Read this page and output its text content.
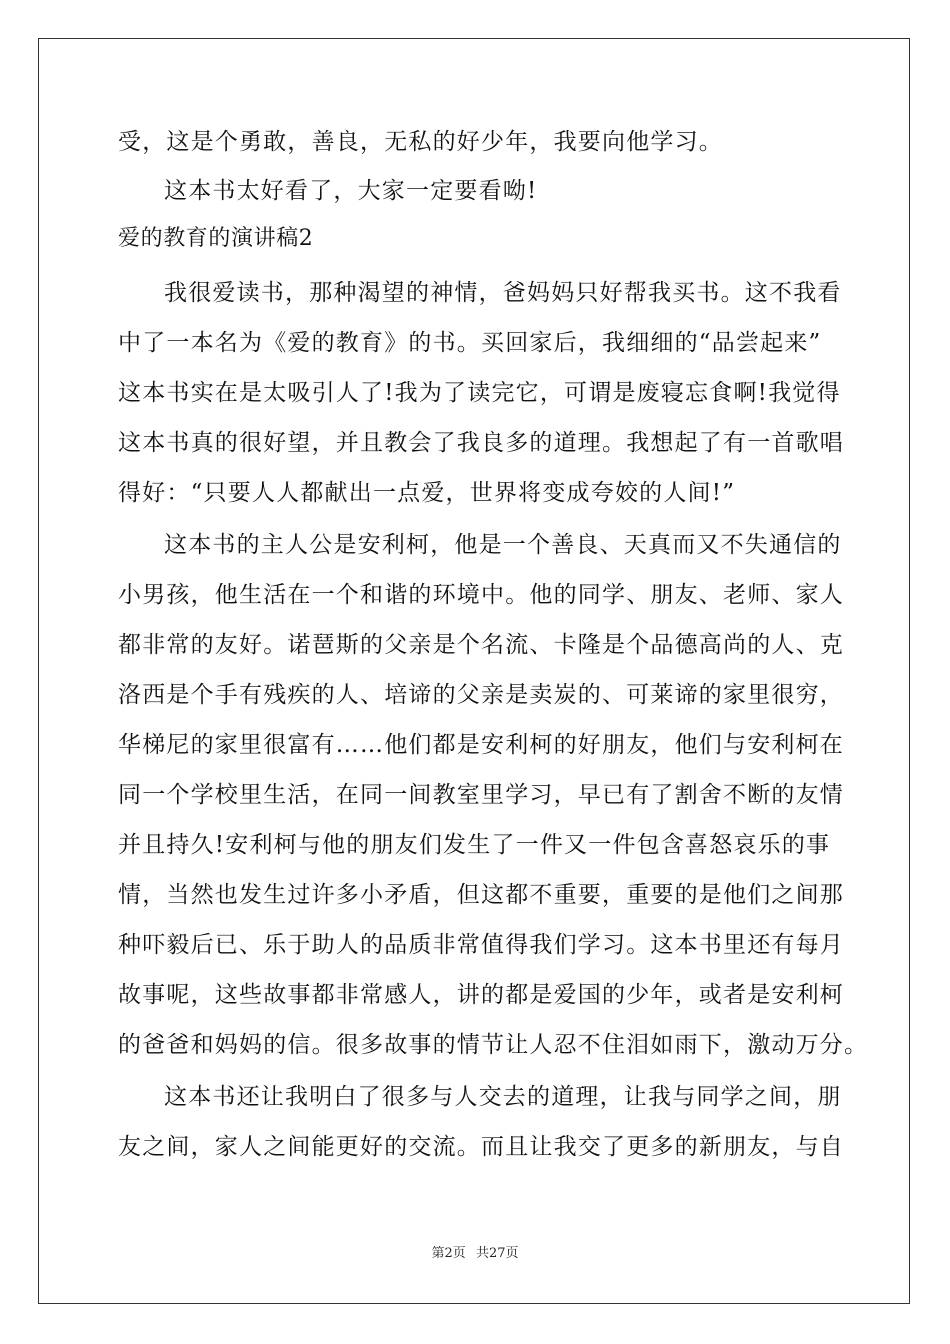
受，这是个勇敢，善良，无私的好少年，我要向他学习。
这本书太好看了，大家一定要看呦!
爱的教育的演讲稿2
我很爱读书，那种渴望的神情，爸妈妈只好帮我买书。这不我看
中了一本名为《爱的教育》的书。买回家后，我细细的“品尝起来”
这本书实在是太吸引人了!我为了读完它，可谓是废寝忘食啊!我觉得
这本书真的很好望，并且教会了我良多的道理。我想起了有一首歌唱
得好：“只要人人都献出一点爱，世界将变成夸姣的人间!”
这本书的主人公是安利柯，他是一个善良、天真而又不失通信的
小男孩，他生活在一个和谐的环境中。他的同学、朋友、老师、家人
都非常的友好。诺琶斯的父亲是个名流、卡隆是个品德高尚的人、克
洛西是个手有残疾的人、培谛的父亲是卖炭的、可莱谛的家里很穷，
华梯尼的家里很富有……他们都是安利柯的好朋友，他们与安利柯在
同一个学校里生活，在同一间教室里学习，早已有了割舍不断的友情
并且持久!安利柯与他的朋友们发生了一件又一件包含喜怒哀乐的事
情，当然也发生过许多小矛盾，但这都不重要，重要的是他们之间那
种吓毅后已、乐于助人的品质非常值得我们学习。这本书里还有每月
故事呢，这些故事都非常感人，讲的都是爱国的少年，或者是安利柯
的爸爸和妈妈的信。很多故事的情节让人忍不住泪如雨下，激动万分。
这本书还让我明白了很多与人交去的道理，让我与同学之间，朋
友之间，家人之间能更好的交流。而且让我交了更多的新朋友，与自
第2页 共27页
